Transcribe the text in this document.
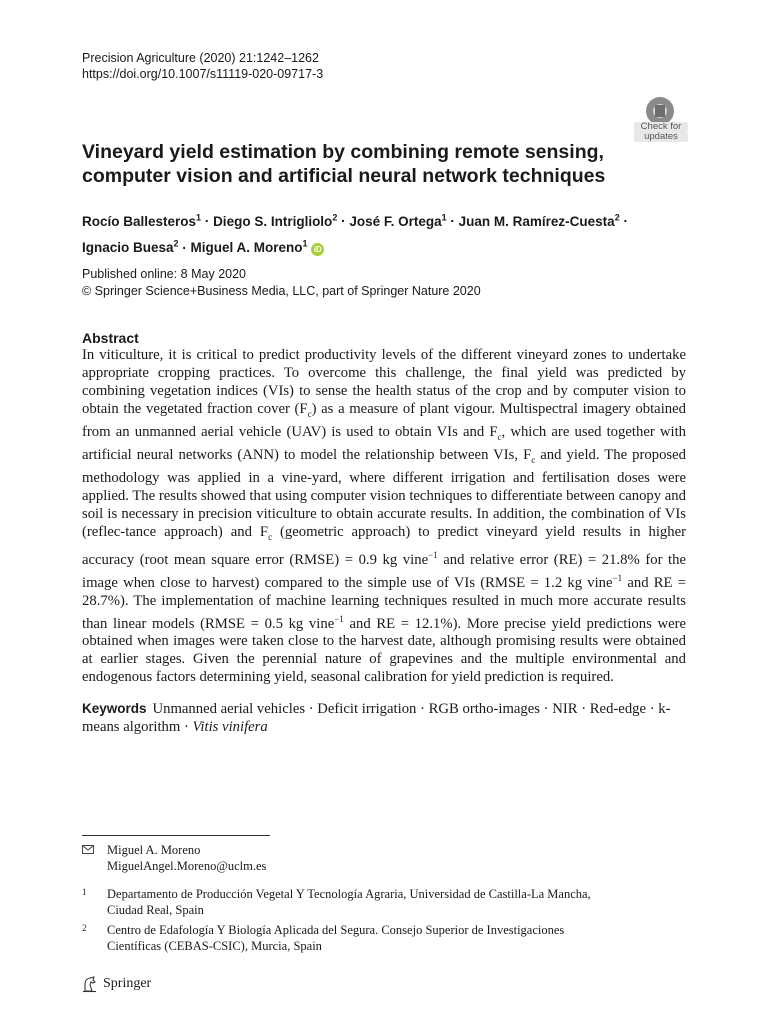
Precision Agriculture (2020) 21:1242–1262
https://doi.org/10.1007/s11119-020-09717-3
Check for
updates
Vineyard yield estimation by combining remote sensing,
computer vision and artificial neural network techniques
Rocío Ballesteros$^1$ · Diego S. Intrigliolo$^2$ · José F. Ortega$^1$ · Juan M. Ramírez‑Cuesta$^2$ ·
Ignacio Buesa$^2$ · Miguel A. Moreno$^1$ iD
Published online: 8 May 2020
© Springer Science+Business Media, LLC, part of Springer Nature 2020
Abstract

In viticulture, it is critical to predict productivity levels of the different vineyard zones to undertake appropriate cropping practices. To overcome this challenge, the final yield was predicted by combining vegetation indices (VIs) to sense the health status of the crop and by computer vision to obtain the vegetated fraction cover $(F_c)$ as a measure of plant vigour. Multispectral imagery obtained from an unmanned aerial vehicle (UAV) is used to obtain VIs and $F_c$, which are used together with artificial neural networks (ANN) to model the relationship between VIs, $F_c$ and yield. The proposed methodology was applied in a vine‑yard, where different irrigation and fertilisation doses were applied. The results showed that using computer vision techniques to differentiate between canopy and soil is necessary in precision viticulture to obtain accurate results. In addition, the combination of VIs (reflec‑tance approach) and $F_c$ (geometric approach) to predict vineyard yield results in higher accuracy (root mean square error (RMSE) = 0.9 kg vine$^{-1}$ and relative error (RE) = 21.8% for the image when close to harvest) compared to the simple use of VIs (RMSE = 1.2 kg vine$^{-1}$ and RE = 28.7%). The implementation of machine learning techniques resulted in much more accurate results than linear models (RMSE = 0.5 kg vine$^{-1}$ and RE = 12.1%). More precise yield predictions were obtained when images were taken close to the harvest date, although promising results were obtained at earlier stages. Given the perennial nature of grapevines and the multiple environmental and endogenous factors determining yield, seasonal calibration for yield prediction is required.

Keywords Unmanned aerial vehicles · Deficit irrigation · RGB ortho-images · NIR · Red-edge · k-means algorithm · Vitis vinifera
Miguel A. Moreno
MiguelAngel.Moreno@uclm.es
1 Departamento de Producción Vegetal Y Tecnología Agraria, Universidad de Castilla-La Mancha,
Ciudad Real, Spain
2 Centro de Edafología Y Biología Aplicada del Segura. Consejo Superior de Investigaciones
Científicas (CEBAS-CSIC), Murcia, Spain
Springer
